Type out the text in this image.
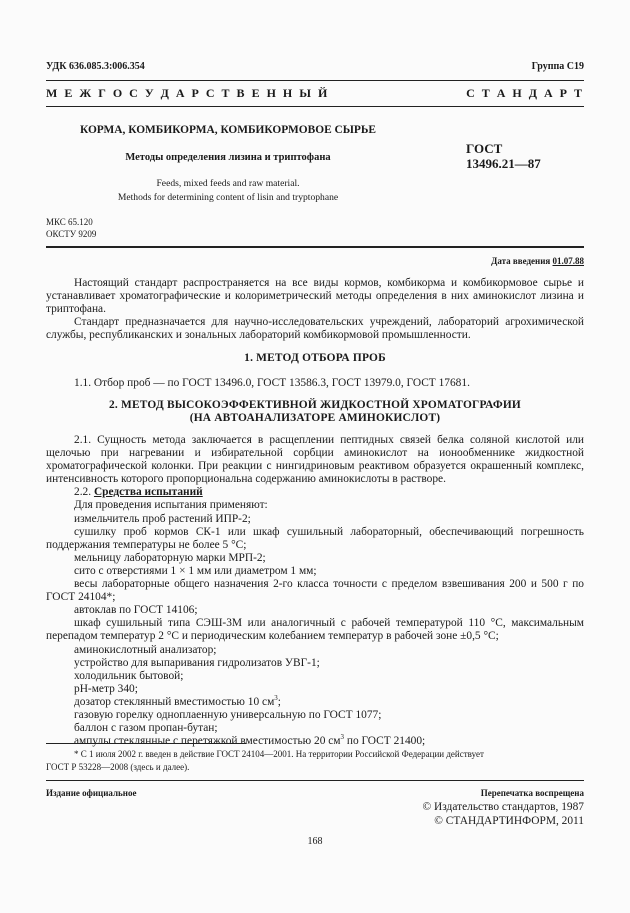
УДК 636.085.3:006.354	Группа С19
М Е Ж Г О С У Д А Р С Т В Е Н Н Ы Й	С Т А Н Д А Р Т
КОРМА, КОМБИКОРМА, КОМБИКОРМОВОЕ СЫРЬЕ
Методы определения лизина и триптофана
Feeds, mixed feeds and raw material.
Methods for determining content of lisin and tryptophane
ГОСТ
13496.21—87
МКС 65.120
ОКСТУ 9209
Дата введения 01.07.88

Настоящий стандарт распространяется на все виды кормов, комбикорма и комбикормовое сырье и устанавливает хроматографические и колориметрический методы определения в них аминокислот лизина и триптофана.

Стандарт предназначается для научно-исследовательских учреждений, лабораторий агрохимической службы, республиканских и зональных лабораторий комбикормовой промышленности.

1. МЕТОД ОТБОРА ПРОБ

1.1. Отбор проб — по ГОСТ 13496.0, ГОСТ 13586.3, ГОСТ 13979.0, ГОСТ 17681.

2. МЕТОД ВЫСОКОЭФФЕКТИВНОЙ ЖИДКОСТНОЙ ХРОМАТОГРАФИИ

(НА АВТОАНАЛИЗАТОРЕ АМИНОКИСЛОТ)

2.1. Сущность метода заключается в расщеплении пептидных связей белка соляной кислотой или щелочью при нагревании и избирательной сорбции аминокислот на ионообменнике жидкостной хроматографической колонки. При реакции с нингидриновым реактивом образуется окрашенный комплекс, интенсивность которого пропорциональна содержанию аминокислоты в растворе.

2.2. Средства испытаний

Для проведения испытания применяют:

измельчитель проб растений ИПР-2;

сушилку проб кормов СК-1 или шкаф сушильный лабораторный, обеспечивающий погрешность поддержания температуры не более 5 °С;

мельницу лабораторную марки МРП-2;

сито с отверстиями 1 × 1 мм или диаметром 1 мм;

весы лабораторные общего назначения 2-го класса точности с пределом взвешивания 200 и 500 г по ГОСТ 24104*;

автоклав по ГОСТ 14106;

шкаф сушильный типа СЭШ-3М или аналогичный с рабочей температурой 110 °С, максимальным перепадом температур 2 °С и периодическим колебанием температур в рабочей зоне ±0,5 °С;

аминокислотный анализатор;

устройство для выпаривания гидролизатов УВГ-1;

холодильник бытовой;

pH-метр 340;

дозатор стеклянный вместимостью 10 $см^3$;

газовую горелку одноплаенную универсальную по ГОСТ 1077;

баллон с газом пропан-бутан;

ампулы стеклянные с перетяжкой вместимостью 20 $см^3$ по ГОСТ 21400;

* С 1 июля 2002 г. введен в действие ГОСТ 24104—2001. На территории Российской Федерации действует
ГОСТ Р 53228—2008 (здесь и далее).
Издание официальное	Перепечатка воспрещена
© Издательство стандартов, 1987
© СТАНДАРТИНФОРМ, 2011
168
